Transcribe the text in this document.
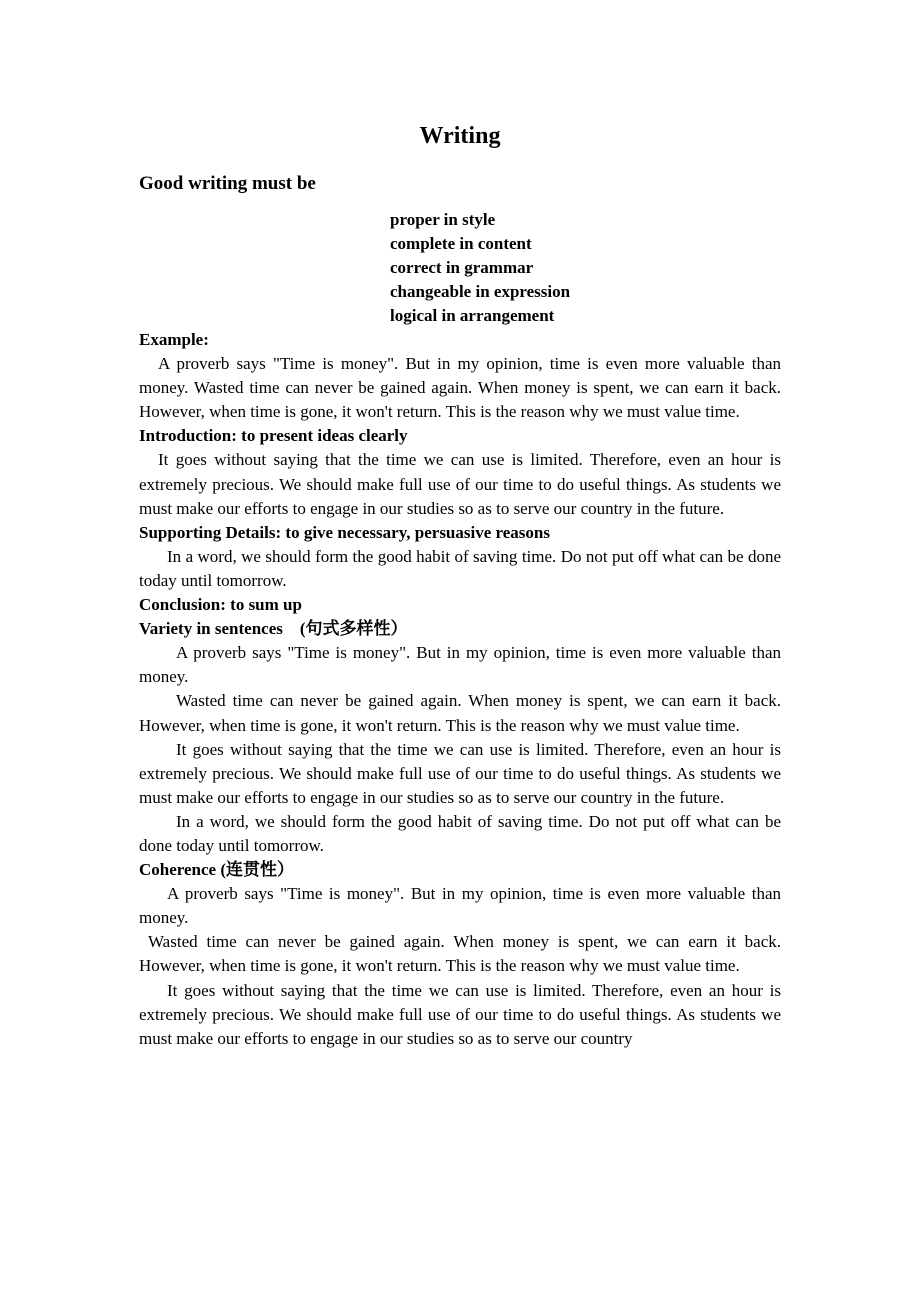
Writing
Good writing must be
proper in style
complete in content
correct in grammar
changeable in expression
logical in arrangement

Example:

A proverb says "Time is money". But in my opinion, time is even more valuable than money. Wasted time can never be gained again. When money is spent, we can earn it back. However, when time is gone, it won't return. This is the reason why we must value time.

Introduction: to present ideas clearly

It goes without saying that the time we can use is limited. Therefore, even an hour is extremely precious. We should make full use of our time to do useful things. As students we must make our efforts to engage in our studies so as to serve our country in the future.

Supporting Details: to give necessary, persuasive reasons

In a word, we should form the good habit of saving time. Do not put off what can be done today until tomorrow.

Conclusion: to sum up

Variety in sentences　(句式多样性）

A proverb says "Time is money". But in my opinion, time is even more valuable than money.

Wasted time can never be gained again. When money is spent, we can earn it back. However, when time is gone, it won't return. This is the reason why we must value time.

It goes without saying that the time we can use is limited. Therefore, even an hour is extremely precious. We should make full use of our time to do useful things. As students we must make our efforts to engage in our studies so as to serve our country in the future.

In a word, we should form the good habit of saving time. Do not put off what can be done today until tomorrow.

Coherence (连贯性）

A proverb says "Time is money". But in my opinion, time is even more valuable than money.

Wasted time can never be gained again. When money is spent, we can earn it back. However, when time is gone, it won't return. This is the reason why we must value time.

It goes without saying that the time we can use is limited. Therefore, even an hour is extremely precious. We should make full use of our time to do useful things. As students we must make our efforts to engage in our studies so as to serve our country
